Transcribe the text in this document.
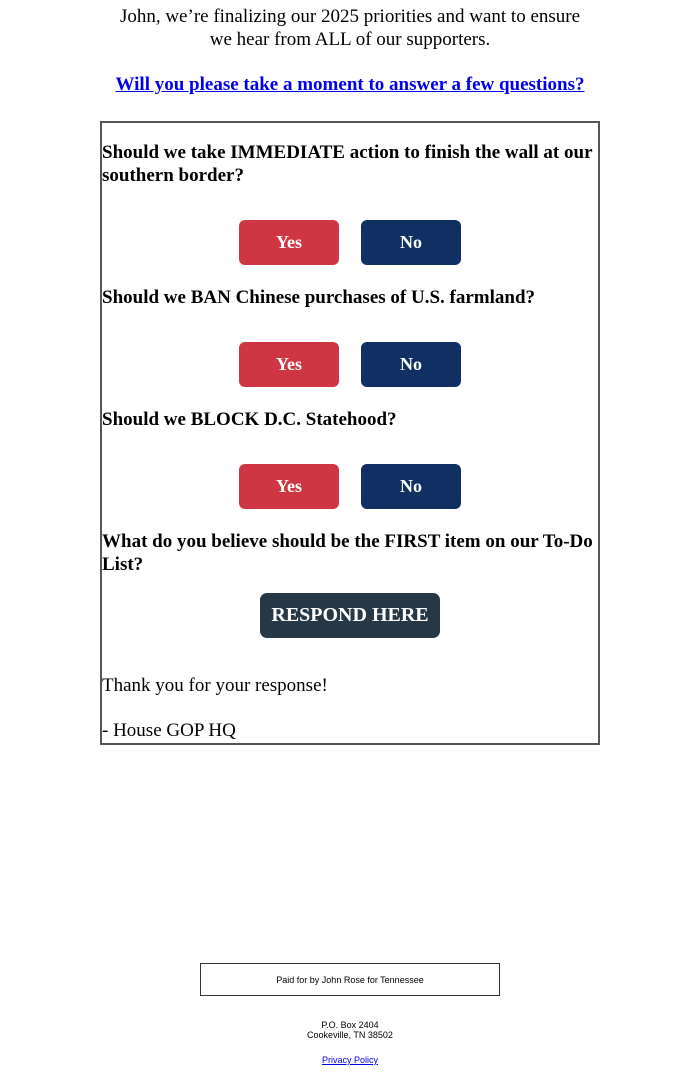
John, we’re finalizing our 2025 priorities and want to ensure
we hear from ALL of our supporters.
Will you please take a moment to answer a few questions?
Should we take IMMEDIATE action to finish the wall at our southern border?
Yes	No
Should we BAN Chinese purchases of U.S. farmland?
Yes	No
Should we BLOCK D.C. Statehood?
Yes	No
What do you believe should be the FIRST item on our To-Do List?
RESPOND HERE
Thank you for your response!
- House GOP HQ
Paid for by John Rose for Tennessee
P.O. Box 2404
Cookeville, TN 38502
Privacy Policy
